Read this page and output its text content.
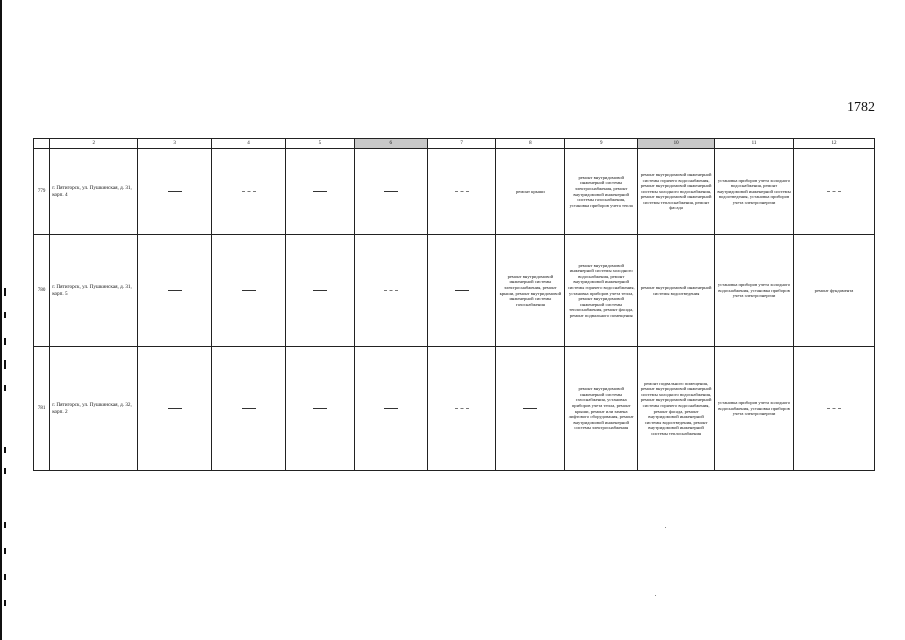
1782
	2	3	4	5	6	7	8	9	10	11	12
779	г. Пятигорск, ул. Пушкинская, д. 31, корп. 4						ремонт крыши	ремонт внутридомовой инженерной системы электроснабжения, ремонт внутридомовой инженерной системы газоснабжения, установка приборов учета тепла	ремонт внутридомовой инженерной системы горячего водоснабжения, ремонт внутридомовой инженерной системы холодного водоснабжения, ремонт внутридомовой инженерной системы теплоснабжения, ремонт фасада	установка приборов учета холодного водоснабжения, ремонт внутридомовой инженерной системы водоотведения, установка приборов учета электроэнергии	
780	г. Пятигорск, ул. Пушкинская, д. 31, корп. 5						ремонт внутридомовой инженерной системы электроснабжения, ремонт крыши, ремонт внутридомовой инженерной системы газоснабжения	ремонт внутридомовой инженерной системы холодного водоснабжения, ремонт внутридомовой инженерной системы горячего водоснабжения, установка приборов учета тепла, ремонт внутридомовой инженерной системы теплоснабжения, ремонт фасада, ремонт подвального помещения	ремонт внутридомовой инженерной системы водоотведения	установка приборов учета холодного водоснабжения, установка приборов учета электроэнергии	ремонт фундамента
781	г. Пятигорск, ул. Пушкинская, д. 32, корп. 2							ремонт внутридомовой инженерной системы газоснабжения, установка приборов учета тепла, ремонт крыши, ремонт или замена лифтового оборудования, ремонт внутридомовой инженерной системы электроснабжения	ремонт подвального помещения, ремонт внутридомовой инженерной системы холодного водоснабжения, ремонт внутридомовой инженерной системы горячего водоснабжения, ремонт фасада, ремонт внутридомовой инженерной системы водоотведения, ремонт внутридомовой инженерной системы теплоснабжения	установка приборов учета холодного водоснабжения, установка приборов учета электроэнергии	
